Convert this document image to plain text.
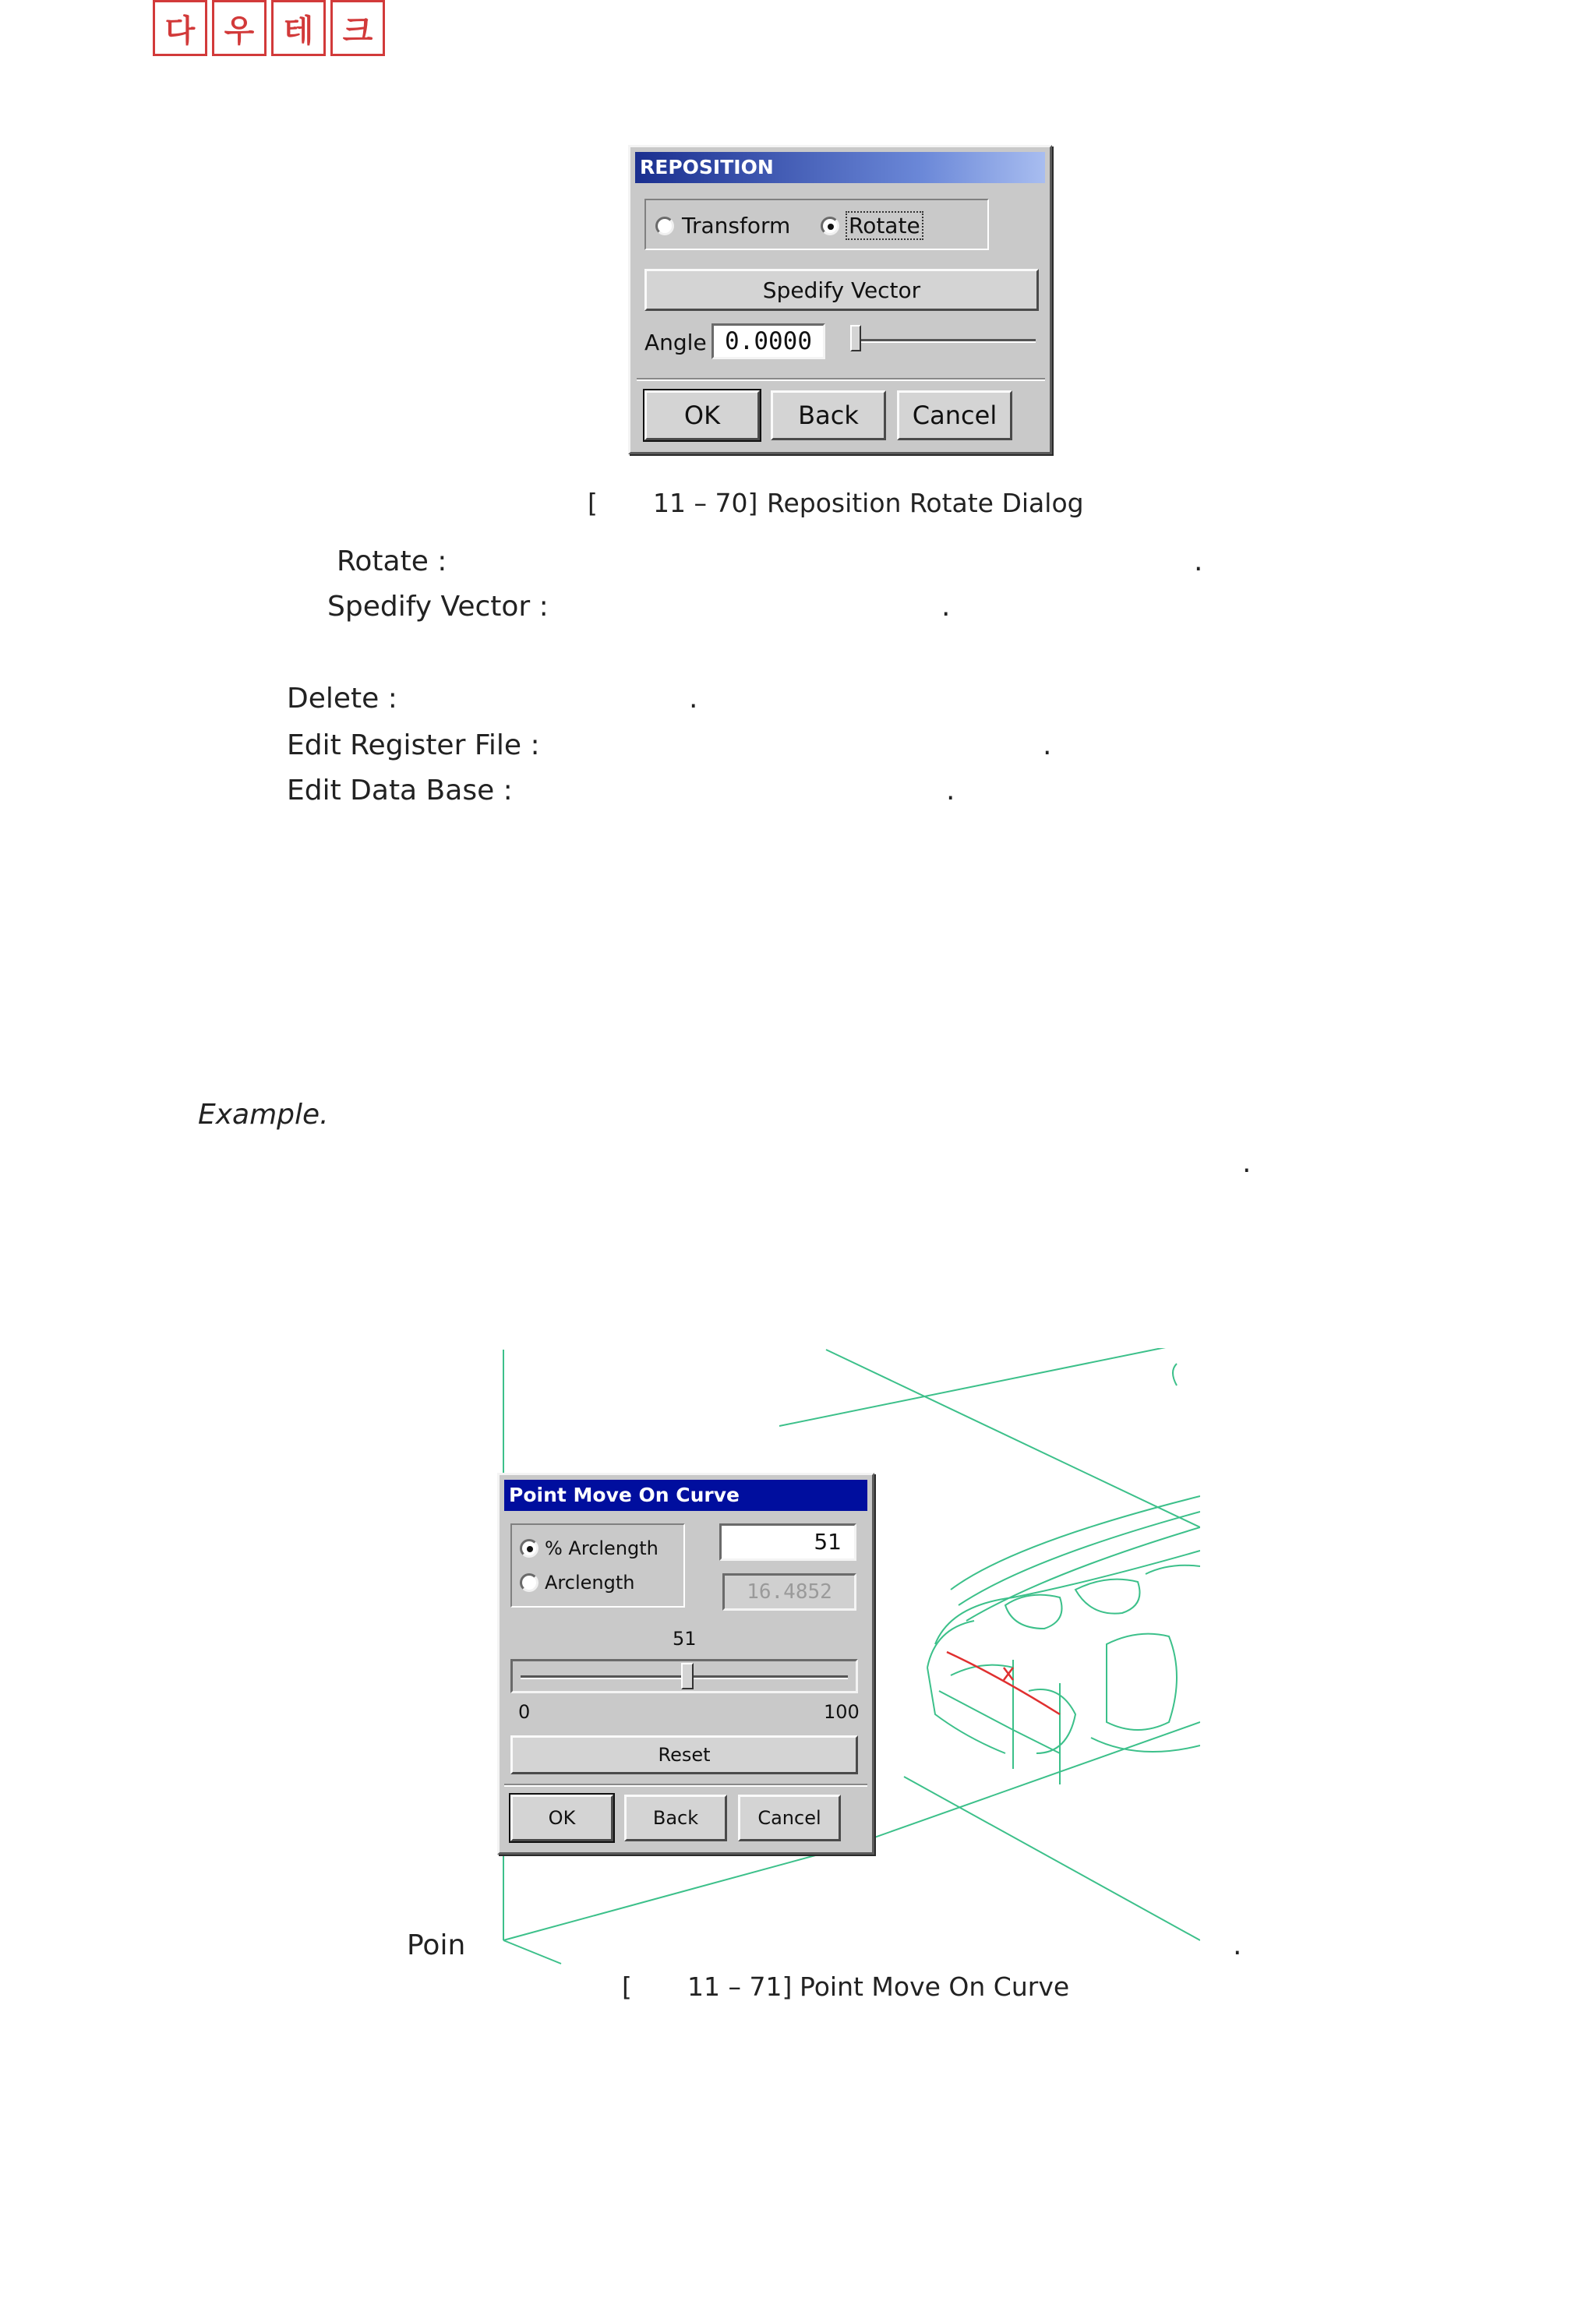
다 우 테 크
REPOSITION
Transform	Rotate
Spedify Vector
Angle 0.0000
OK	Back	Cancel
[ 11 – 70] Reposition Rotate Dialog
Rotate :	.
Spedify Vector :	.
Delete :	.
Edit Register File :	.
Edit Data Base :	.
Example.
.
Point Move On Curve
% Arclength
Arclength
51
16.4852
51
0	100
Reset
OK	Back	Cancel
Poin	.
[ 11 – 71] Point Move On Curve
